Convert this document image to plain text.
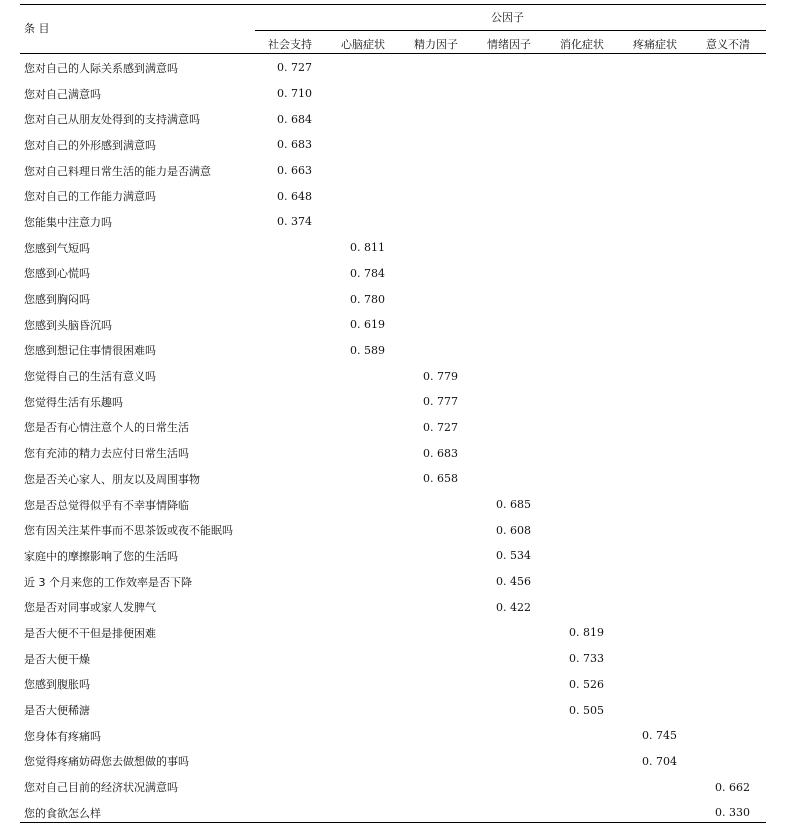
条 目
公因子
社会支持	心脑症状	精力因子	情绪因子	消化症状	疼痛症状	意义不清
您对自己的人际关系感到满意吗	0. 727						
您对自己满意吗	0. 710						
您对自己从朋友处得到的支持满意吗	0. 684						
您对自己的外形感到满意吗	0. 683						
您对自己料理日常生活的能力是否满意	0. 663						
您对自己的工作能力满意吗	0. 648						
您能集中注意力吗	0. 374						
您感到气短吗		0. 811					
您感到心慌吗		0. 784					
您感到胸闷吗		0. 780					
您感到头脑昏沉吗		0. 619					
您感到想记住事情很困难吗		0. 589					
您觉得自己的生活有意义吗			0. 779				
您觉得生活有乐趣吗			0. 777				
您是否有心情注意个人的日常生活			0. 727				
您有充沛的精力去应付日常生活吗			0. 683				
您是否关心家人、朋友以及周围事物			0. 658				
您是否总觉得似乎有不幸事情降临				0. 685			
您有因关注某件事而不思茶饭或夜不能眠吗				0. 608			
家庭中的摩擦影响了您的生活吗				0. 534			
近 3 个月来您的工作效率是否下降				0. 456			
您是否对同事或家人发脾气				0. 422			
是否大便不干但是排便困难					0. 819		
是否大便干燥					0. 733		
您感到腹胀吗					0. 526		
是否大便稀溏					0. 505		
您身体有疼痛吗						0. 745	
您觉得疼痛妨碍您去做想做的事吗						0. 704	
您对自己目前的经济状况满意吗							0. 662
您的食欲怎么样							0. 330
